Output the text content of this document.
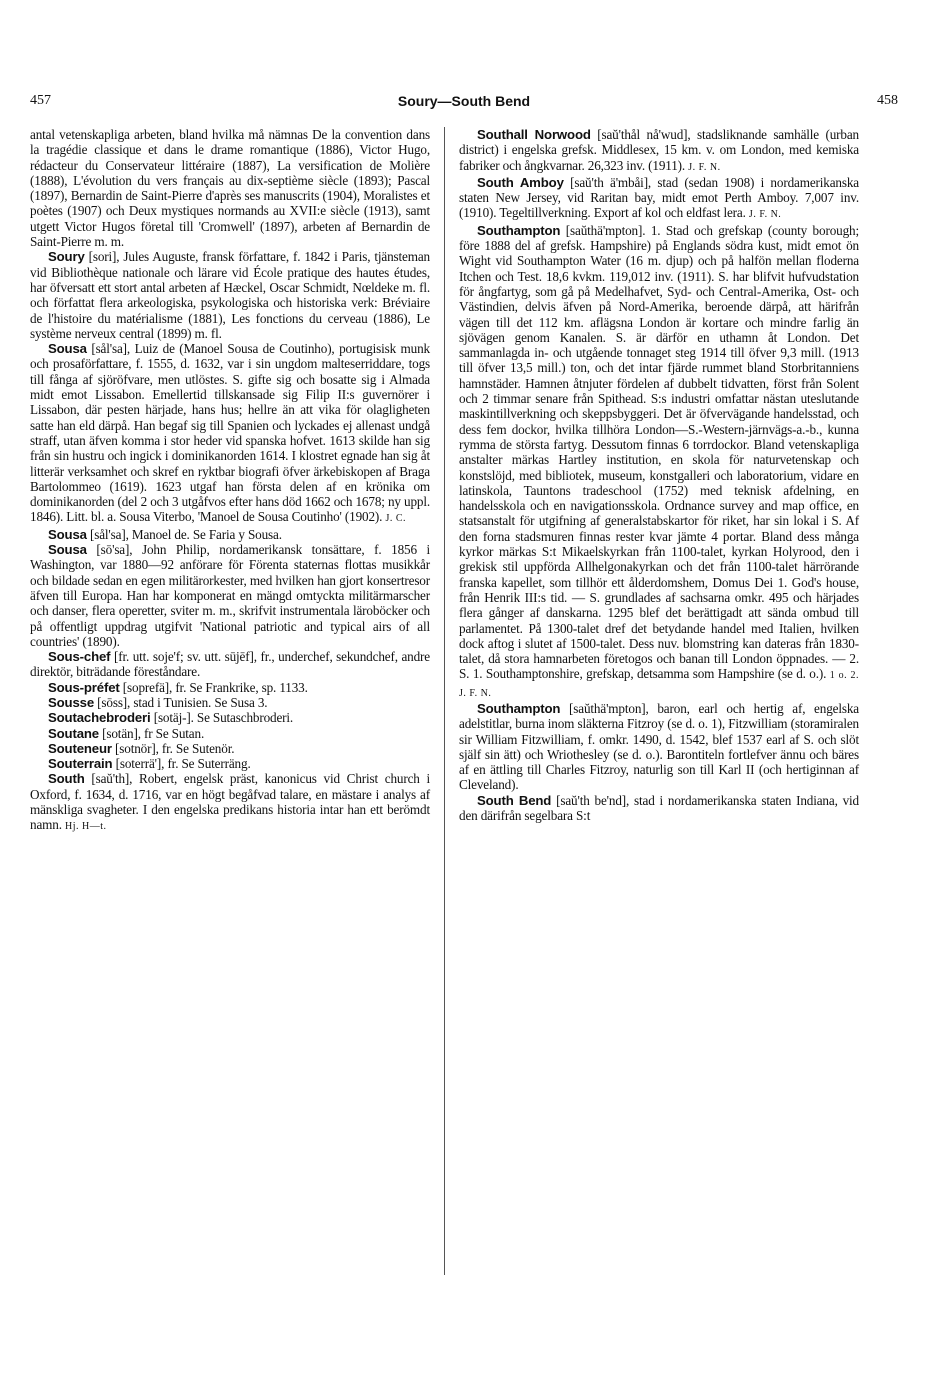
457	Soury—South Bend	458

antal vetenskapliga arbeten, bland hvilka må nämnas De la convention dans la tragédie classique et dans le drame romantique (1886), Victor Hugo, rédacteur du Conservateur littéraire (1887), La versification de Molière (1888), L'évolution du vers français au dix-septième siècle (1893); Pascal (1897), Bernardin de Saint-Pierre d'après ses manuscrits (1904), Moralistes et poètes (1907) och Deux mystiques normands au XVII:e siècle (1913), samt utgett Victor Hugos företal till 'Cromwell' (1897), arbeten af Bernardin de Saint-Pierre m. m.

Soury [sori], Jules Auguste, fransk författare, f. 1842 i Paris, tjänsteman vid Bibliothèque nationale och lärare vid École pratique des hautes études, har öfversatt ett stort antal arbeten af Hæckel, Oscar Schmidt, Nœldeke m. fl. och författat flera arkeologiska, psykologiska och historiska verk: Bréviaire de l'histoire du matérialisme (1881), Les fonctions du cerveau (1886), Le système nerveux central (1899) m. fl.

Sousa [sål'sa], Luiz de (Manoel Sousa de Coutinho), portugisisk munk och prosaförfattare, f. 1555, d. 1632, var i sin ungdom malteserriddare, togs till fånga af sjöröfvare, men utlöstes. S. gifte sig och bosatte sig i Almada midt emot Lissabon. Emellertid tillskansade sig Filip II:s guvernörer i Lissabon, där pesten härjade, hans hus; hellre än att vika för olagligheten satte han eld därpå. Han begaf sig till Spanien och lyckades ej allenast undgå straff, utan äfven komma i stor heder vid spanska hofvet. 1613 skilde han sig från sin hustru och ingick i dominikanorden 1614. I klostret egnade han sig åt litterär verksamhet och skref en ryktbar biografi öfver ärkebiskopen af Braga Bartolommeo (1619). 1623 utgaf han första delen af en krönika om dominikanorden (del 2 och 3 utgåfvos efter hans död 1662 och 1678; ny uppl. 1846). Litt. bl. a. Sousa Viterbo, 'Manoel de Sousa Coutinho' (1902). J. C.

Sousa [sål'sa], Manoel de. Se Faria y Sousa.

Sousa [sō'sa], John Philip, nordamerikansk tonsättare, f. 1856 i Washington, var 1880—92 anförare för Förenta staternas flottas musikkår och bildade sedan en egen militärorkester, med hvilken han gjort konsertresor äfven till Europa. Han har komponerat en mängd omtyckta militärmarscher och danser, flera operetter, sviter m. m., skrifvit instrumentala läroböcker och på offentligt uppdrag utgifvit 'National patriotic and typical airs of all countries' (1890).

Sous-chef [fr. utt. soje'f; sv. utt. sūjēf], fr., underchef, sekundchef, andre direktör, biträdande föreståndare.

Sous-préfet [soprefä], fr. Se Frankrike, sp. 1133.

Sousse [sōss], stad i Tunisien. Se Susa 3.

Soutachebroderi [sotäj-]. Se Sutaschbroderi.

Soutane [sotän], fr Se Sutan.

Souteneur [sotnör], fr. Se Sutenör.

Souterrain [soterrä'], fr. Se Suterräng.

South [saŭ'th], Robert, engelsk präst, kanonicus vid Christ church i Oxford, f. 1634, d. 1716, var en högt begåfvad talare, en mästare i analys af mänskliga svagheter. I den engelska predikans historia intar han ett berömdt namn. Hj. H—t.

Southall Norwood [saŭ'thål nå'wud], stadsliknande samhälle (urban district) i engelska grefsk. Middlesex, 15 km. v. om London, med kemiska fabriker och ångkvarnar. 26,323 inv. (1911). J. F. N.

South Amboy [saŭ'th ä'mbåi], stad (sedan 1908) i nordamerikanska staten New Jersey, vid Raritan bay, midt emot Perth Amboy. 7,007 inv. (1910). Tegeltillverkning. Export af kol och eldfast lera. J. F. N.

Southampton [saŭthä'mpton]. 1. Stad och grefskap (county borough; före 1888 del af grefsk. Hampshire) på Englands södra kust, midt emot ön Wight vid Southampton Water (16 m. djup) och på halfön mellan floderna Itchen och Test. 18,6 kvkm. 119,012 inv. (1911). S. har blifvit hufvudstation för ångfartyg, som gå på Medelhafvet, Syd- och Central-Amerika, Ost- och Västindien, delvis äfven på Nord-Amerika, beroende därpå, att härifrån vägen till det 112 km. aflägsna London är kortare och mindre farlig än sjövägen genom Kanalen. S. är därför en uthamn åt London. Det sammanlagda in- och utgående tonnaget steg 1914 till öfver 9,3 mill. (1913 till öfver 13,5 mill.) ton, och det intar fjärde rummet bland Storbritanniens hamnstäder. Hamnen åtnjuter fördelen af dubbelt tidvatten, först från Solent och 2 timmar senare från Spithead. S:s industri omfattar nästan uteslutande maskintillverkning och skeppsbyggeri. Det är öfvervägande handelsstad, och dess fem dockor, hvilka tillhöra London—S.-Western-järnvägs-a.-b., kunna rymma de största fartyg. Dessutom finnas 6 torrdockor. Bland vetenskapliga anstalter märkas Hartley institution, en skola för naturvetenskap och konstslöjd, med bibliotek, museum, konstgalleri och laboratorium, vidare en latinskola, Tauntons tradeschool (1752) med teknisk afdelning, en handelsskola och en navigationsskola. Ordnance survey and map office, en statsanstalt för utgifning af generalstabskartor för riket, har sin lokal i S. Af den forna stadsmuren finnas rester kvar jämte 4 portar. Bland dess många kyrkor märkas S:t Mikaelskyrkan från 1100-talet, kyrkan Holyrood, den i grekisk stil uppförda Allhelgonakyrkan och det från 1100-talet härrörande franska kapellet, som tillhör ett ålderdomshem, Domus Dei 1. God's house, från Henrik III:s tid. — S. grundlades af sachsarna omkr. 495 och härjades flera gånger af danskarna. 1295 blef det berättigadt att sända ombud till parlamentet. På 1300-talet dref det betydande handel med Italien, hvilken dock aftog i slutet af 1500-talet. Dess nuv. blomstring kan dateras från 1830-talet, då stora hamnarbeten företogos och banan till London öppnades. — 2. S. 1. Southamptonshire, grefskap, detsamma som Hampshire (se d. o.). 1 o. 2. J. F. N.

Southampton [saŭthä'mpton], baron, earl och hertig af, engelska adelstitlar, burna inom släkterna Fitzroy (se d. o. 1), Fitzwilliam (storamiralen sir William Fitzwilliam, f. omkr. 1490, d. 1542, blef 1537 earl af S. och slöt själf sin ätt) och Wriothesley (se d. o.). Barontiteln fortlefver ännu och bäres af en ättling till Charles Fitzroy, naturlig son till Karl II (och hertiginnan af Cleveland).

South Bend [saŭ'th be'nd], stad i nordamerikanska staten Indiana, vid den därifrån segelbara S:t
